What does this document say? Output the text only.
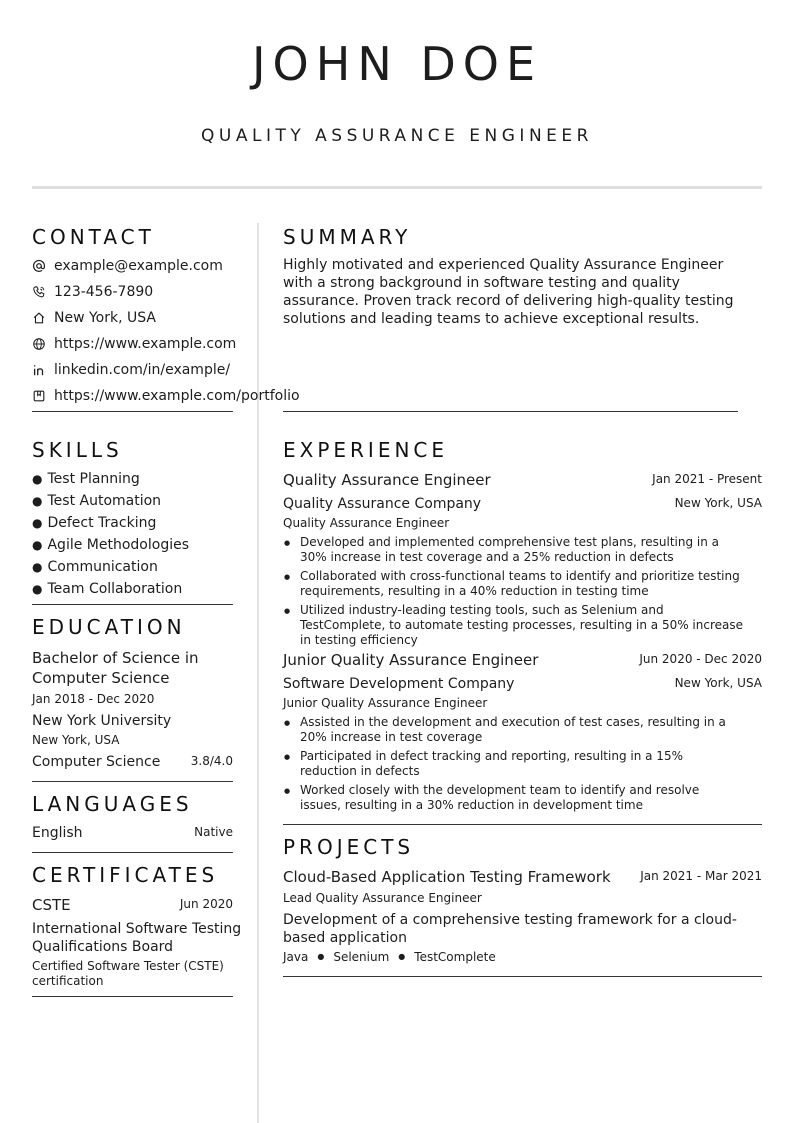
JOHN DOE
QUALITY ASSURANCE ENGINEER
CONTACT
example@example.com
123-456-7890
New York, USA
https://www.example.com
linkedin.com/in/example/
https://www.example.com/portfolio
SUMMARY

Highly motivated and experienced Quality Assurance Engineer with a strong background in software testing and quality assurance. Proven track record of delivering high-quality testing solutions and leading teams to achieve exceptional results.

SKILLS
● Test Planning
● Test Automation
● Defect Tracking
● Agile Methodologies
● Communication
● Team Collaboration
EDUCATION

Bachelor of Science in Computer Science

Jan 2018 - Dec 2020

New York University

New York, USA

Computer Science	3.8/4.0

LANGUAGES

English	Native

CERTIFICATES

CSTE	Jun 2020

International Software Testing Qualifications Board

Certified Software Tester (CSTE) certification

EXPERIENCE

Quality Assurance Engineer	Jan 2021 - Present

Quality Assurance Company	New York, USA

Quality Assurance Engineer

● Developed and implemented comprehensive test plans, resulting in a 30% increase in test coverage and a 25% reduction in defects
● Collaborated with cross-functional teams to identify and prioritize testing requirements, resulting in a 40% reduction in testing time
● Utilized industry-leading testing tools, such as Selenium and TestComplete, to automate testing processes, resulting in a 50% increase in testing efficiency

Junior Quality Assurance Engineer	Jun 2020 - Dec 2020

Software Development Company	New York, USA

Junior Quality Assurance Engineer

● Assisted in the development and execution of test cases, resulting in a 20% increase in test coverage
● Participated in defect tracking and reporting, resulting in a 15% reduction in defects
● Worked closely with the development team to identify and resolve issues, resulting in a 30% reduction in development time
PROJECTS

Cloud-Based Application Testing Framework	Jan 2021 - Mar 2021

Lead Quality Assurance Engineer

Development of a comprehensive testing framework for a cloud-based application

Java ● Selenium ● TestComplete
